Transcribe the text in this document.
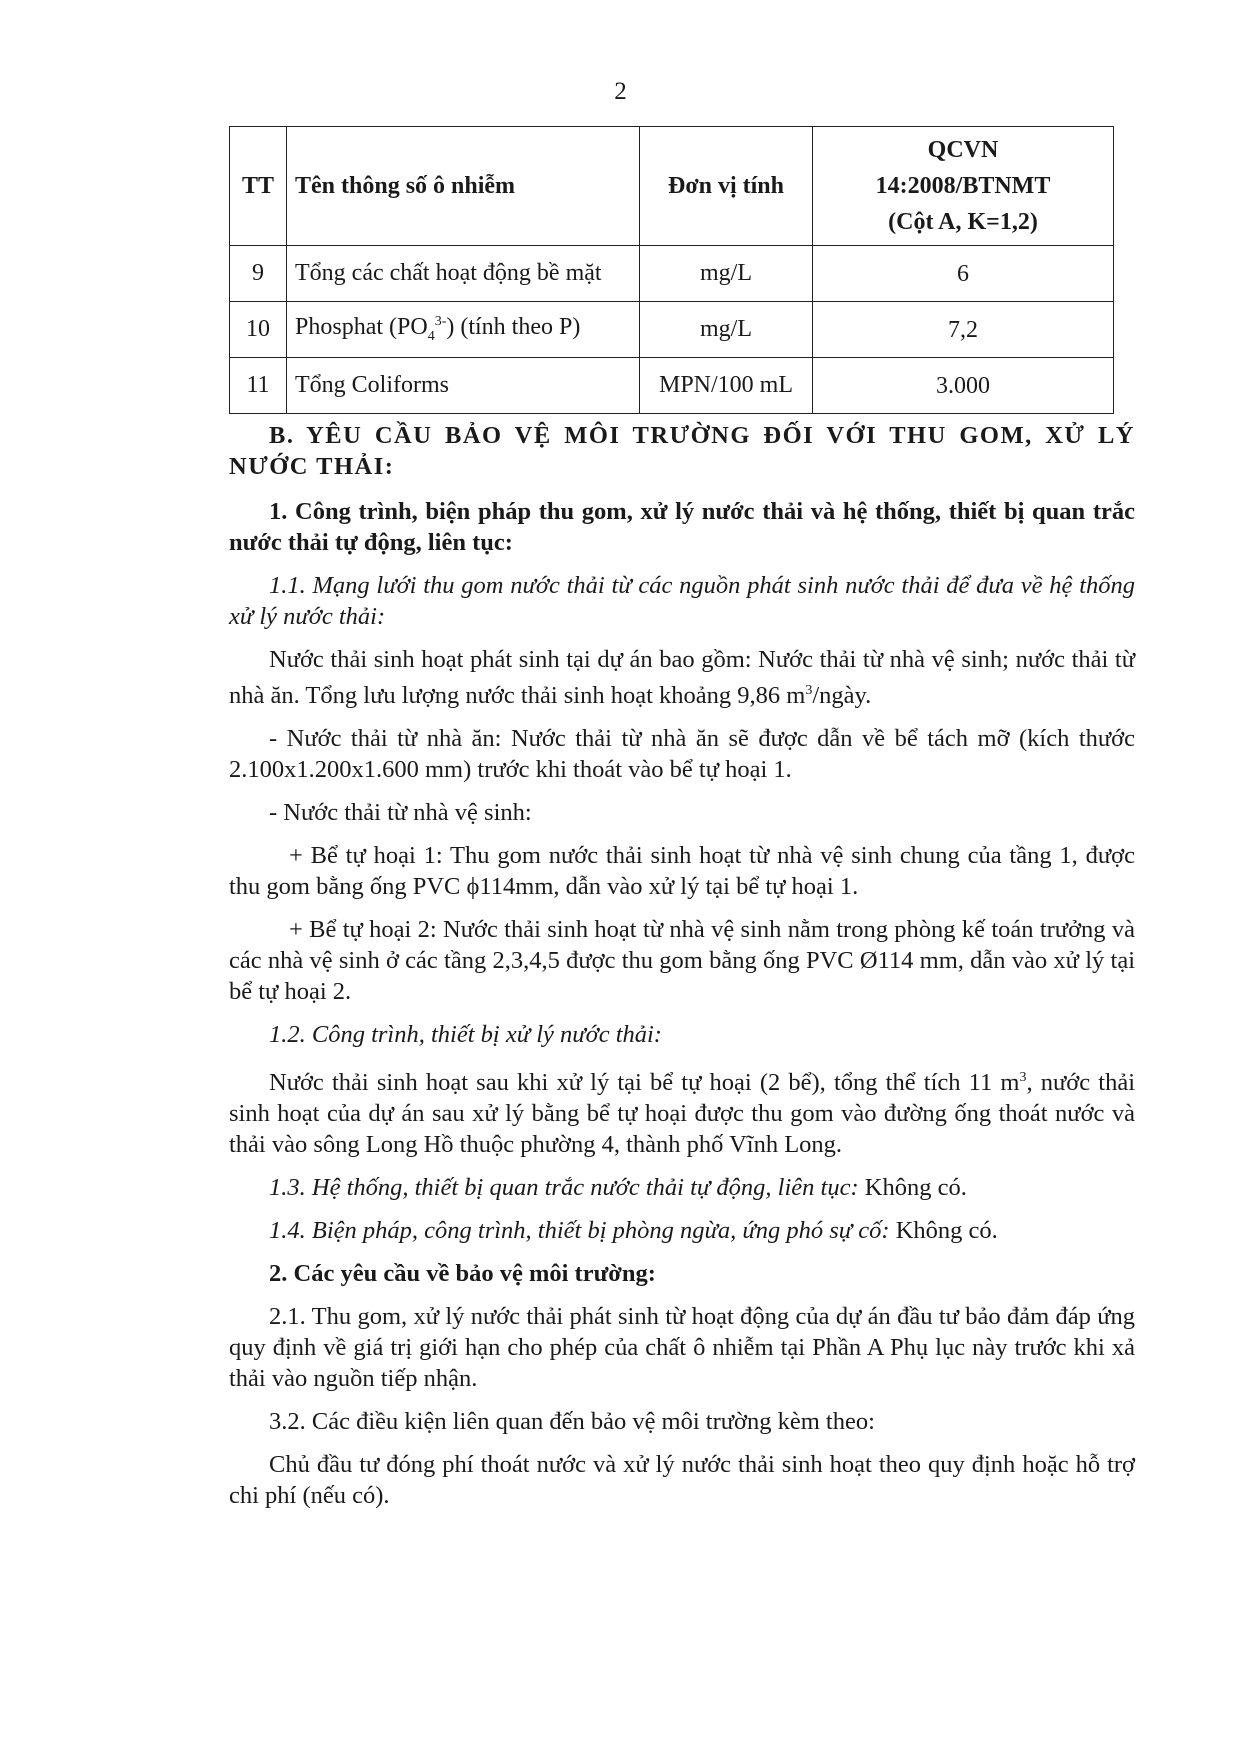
2
TT	Tên thông số ô nhiễm	Đơn vị tính	QCVN
14:2008/BTNMT
(Cột A, K=1,2)

9	Tổng các chất hoạt động bề mặt	mg/L	6
10	Phosphat $(PO_4^{3-})$ (tính theo P)	mg/L	7,2
11	Tổng Coliforms	MPN/100 mL	3.000

B. YÊU CẦU BẢO VỆ MÔI TRƯỜNG ĐỐI VỚI THU GOM, XỬ LÝ NƯỚC THẢI:

1. Công trình, biện pháp thu gom, xử lý nước thải và hệ thống, thiết bị quan trắc nước thải tự động, liên tục:

1.1. Mạng lưới thu gom nước thải từ các nguồn phát sinh nước thải để đưa về hệ thống xử lý nước thải:

Nước thải sinh hoạt phát sinh tại dự án bao gồm: Nước thải từ nhà vệ sinh; nước thải từ nhà ăn. Tổng lưu lượng nước thải sinh hoạt khoảng 9,86 $m^3$/ngày.

- Nước thải từ nhà ăn: Nước thải từ nhà ăn sẽ được dẫn về bể tách mỡ (kích thước 2.100x1.200x1.600 mm) trước khi thoát vào bể tự hoại 1.

- Nước thải từ nhà vệ sinh:

+ Bể tự hoại 1: Thu gom nước thải sinh hoạt từ nhà vệ sinh chung của tầng 1, được thu gom bằng ống PVC ϕ114mm, dẫn vào xử lý tại bể tự hoại 1.

+ Bể tự hoại 2: Nước thải sinh hoạt từ nhà vệ sinh nằm trong phòng kế toán trưởng và các nhà vệ sinh ở các tầng 2,3,4,5 được thu gom bằng ống PVC Ø114 mm, dẫn vào xử lý tại bể tự hoại 2.

1.2. Công trình, thiết bị xử lý nước thải:

Nước thải sinh hoạt sau khi xử lý tại bể tự hoại (2 bể), tổng thể tích 11 $m^3$, nước thải sinh hoạt của dự án sau xử lý bằng bể tự hoại được thu gom vào đường ống thoát nước và thải vào sông Long Hồ thuộc phường 4, thành phố Vĩnh Long.

1.3. Hệ thống, thiết bị quan trắc nước thải tự động, liên tục: Không có.

1.4. Biện pháp, công trình, thiết bị phòng ngừa, ứng phó sự cố: Không có.

2. Các yêu cầu về bảo vệ môi trường:

2.1. Thu gom, xử lý nước thải phát sinh từ hoạt động của dự án đầu tư bảo đảm đáp ứng quy định về giá trị giới hạn cho phép của chất ô nhiễm tại Phần A Phụ lục này trước khi xả thải vào nguồn tiếp nhận.

3.2. Các điều kiện liên quan đến bảo vệ môi trường kèm theo:

Chủ đầu tư đóng phí thoát nước và xử lý nước thải sinh hoạt theo quy định hoặc hỗ trợ chi phí (nếu có).
